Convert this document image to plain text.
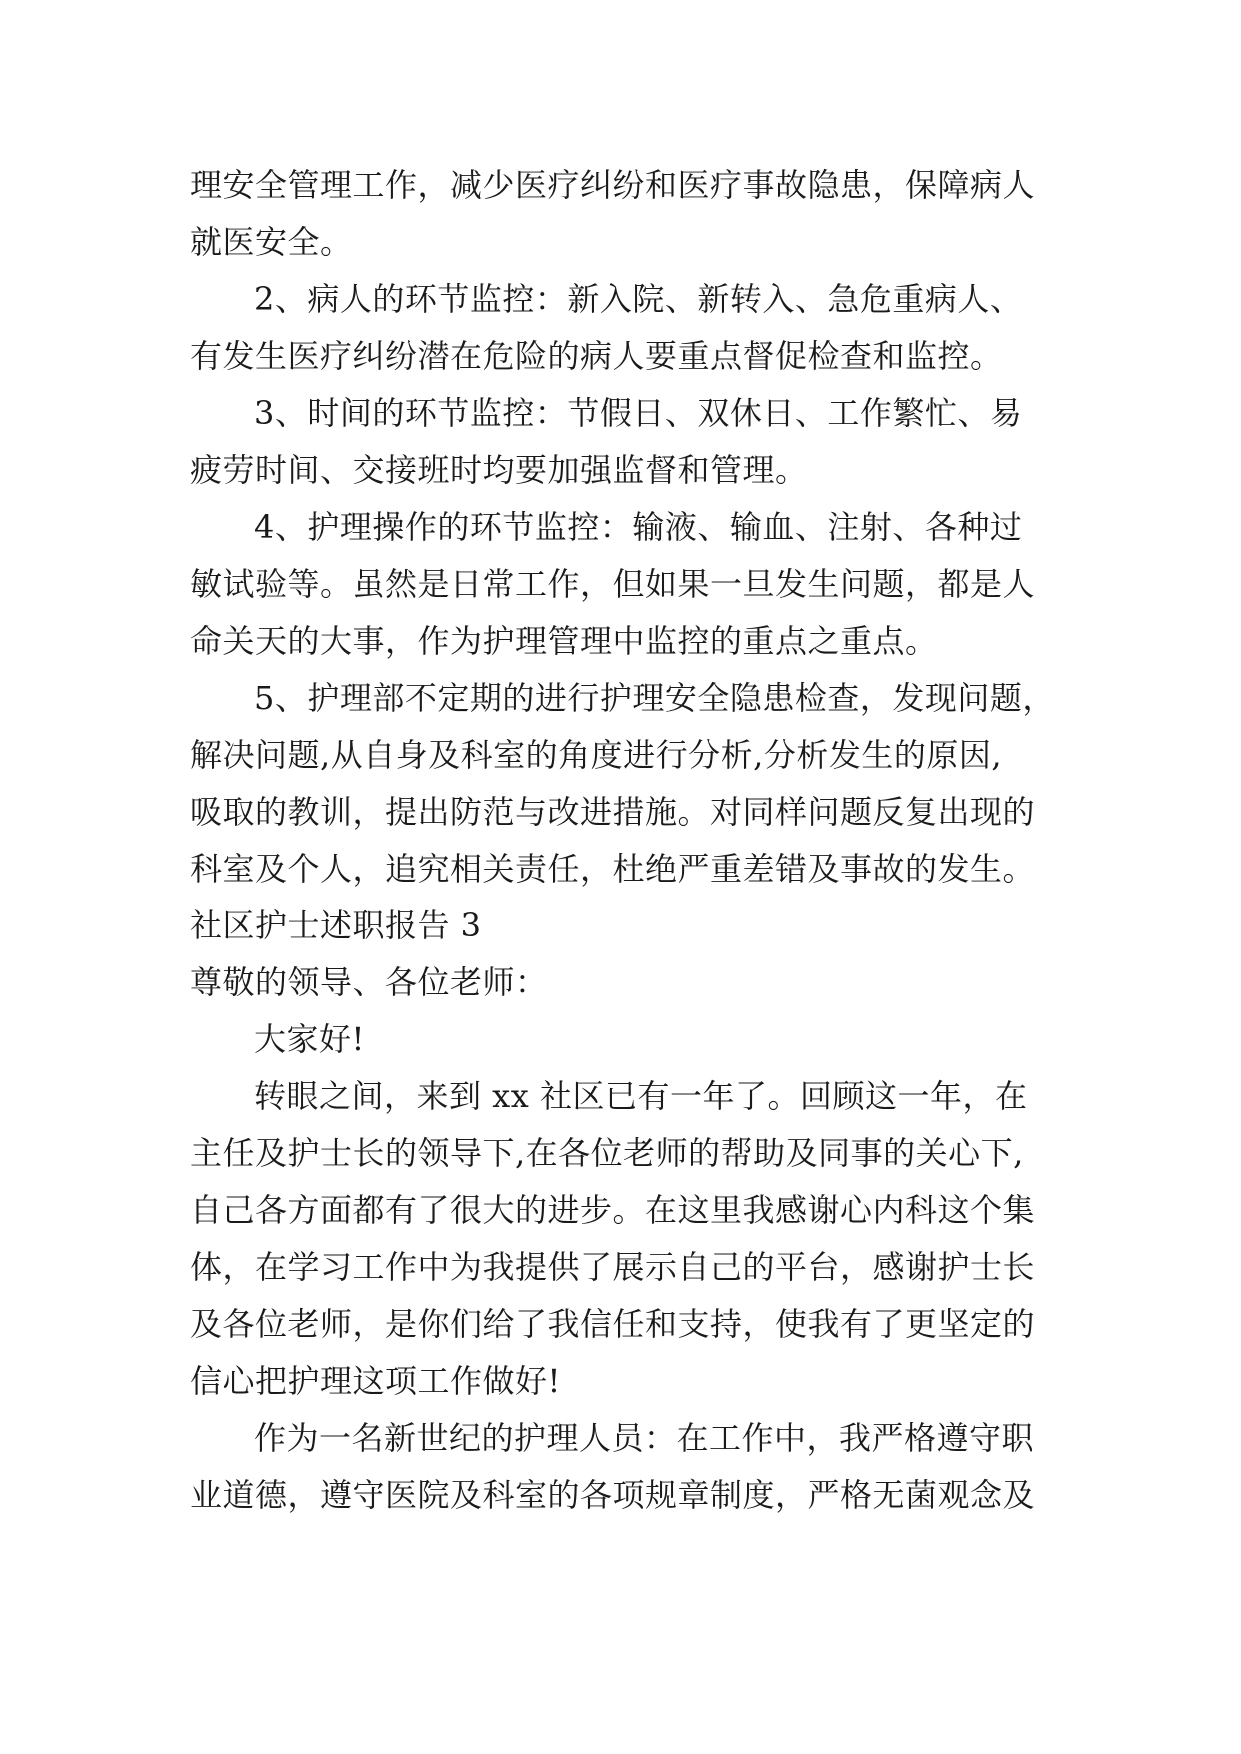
理安全管理工作，减少医疗纠纷和医疗事故隐患，保障病人
就医安全。
2、病人的环节监控：新入院、新转入、急危重病人、
有发生医疗纠纷潜在危险的病人要重点督促检查和监控。
3、时间的环节监控：节假日、双休日、工作繁忙、易
疲劳时间、交接班时均要加强监督和管理。
4、护理操作的环节监控：输液、输血、注射、各种过
敏试验等。虽然是日常工作，但如果一旦发生问题，都是人
命关天的大事，作为护理管理中监控的重点之重点。
5、护理部不定期的进行护理安全隐患检查，发现问题，
解决问题,从自身及科室的角度进行分析,分析发生的原因,
吸取的教训，提出防范与改进措施。对同样问题反复出现的
科室及个人，追究相关责任，杜绝严重差错及事故的发生。
社区护士述职报告 3
尊敬的领导、各位老师：
大家好!
转眼之间，来到 xx 社区已有一年了。回顾这一年，在
主任及护士长的领导下,在各位老师的帮助及同事的关心下,
自己各方面都有了很大的进步。在这里我感谢心内科这个集
体，在学习工作中为我提供了展示自己的平台，感谢护士长
及各位老师，是你们给了我信任和支持，使我有了更坚定的
信心把护理这项工作做好!
作为一名新世纪的护理人员：在工作中，我严格遵守职
业道德，遵守医院及科室的各项规章制度，严格无菌观念及
